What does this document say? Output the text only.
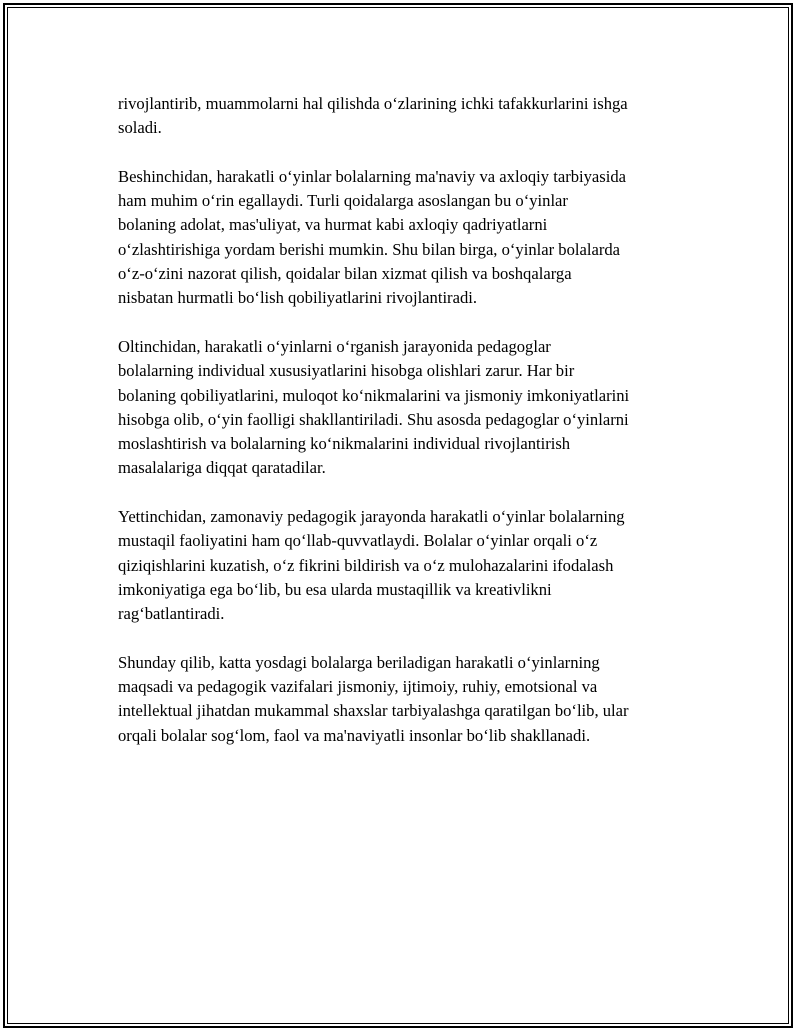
rivojlantirib, muammolarni hal qilishda o‘zlarining ichki tafakkurlarini ishga
soladi.

Beshinchidan, harakatli o‘yinlar bolalarning ma'naviy va axloqiy tarbiyasida
ham muhim o‘rin egallaydi. Turli qoidalarga asoslangan bu o‘yinlar
bolaning adolat, mas'uliyat, va hurmat kabi axloqiy qadriyatlarni
o‘zlashtirishiga yordam berishi mumkin. Shu bilan birga, o‘yinlar bolalarda
o‘z-o‘zini nazorat qilish, qoidalar bilan xizmat qilish va boshqalarga
nisbatan hurmatli bo‘lish qobiliyatlarini rivojlantiradi.

Oltinchidan, harakatli o‘yinlarni o‘rganish jarayonida pedagoglar
bolalarning individual xususiyatlarini hisobga olishlari zarur. Har bir
bolaning qobiliyatlarini, muloqot ko‘nikmalarini va jismoniy imkoniyatlarini
hisobga olib, o‘yin faolligi shakllantiriladi. Shu asosda pedagoglar o‘yinlarni
moslashtirish va bolalarning ko‘nikmalarini individual rivojlantirish
masalalariga diqqat qaratadilar.

Yettinchidan, zamonaviy pedagogik jarayonda harakatli o‘yinlar bolalarning
mustaqil faoliyatini ham qo‘llab-quvvatlaydi. Bolalar o‘yinlar orqali o‘z
qiziqishlarini kuzatish, o‘z fikrini bildirish va o‘z mulohazalarini ifodalash
imkoniyatiga ega bo‘lib, bu esa ularda mustaqillik va kreativlikni
rag‘batlantiradi.

Shunday qilib, katta yosdagi bolalarga beriladigan harakatli o‘yinlarning
maqsadi va pedagogik vazifalari jismoniy, ijtimoiy, ruhiy, emotsional va
intellektual jihatdan mukammal shaxslar tarbiyalashga qaratilgan bo‘lib, ular
orqali bolalar sog‘lom, faol va ma'naviyatli insonlar bo‘lib shakllanadi.
